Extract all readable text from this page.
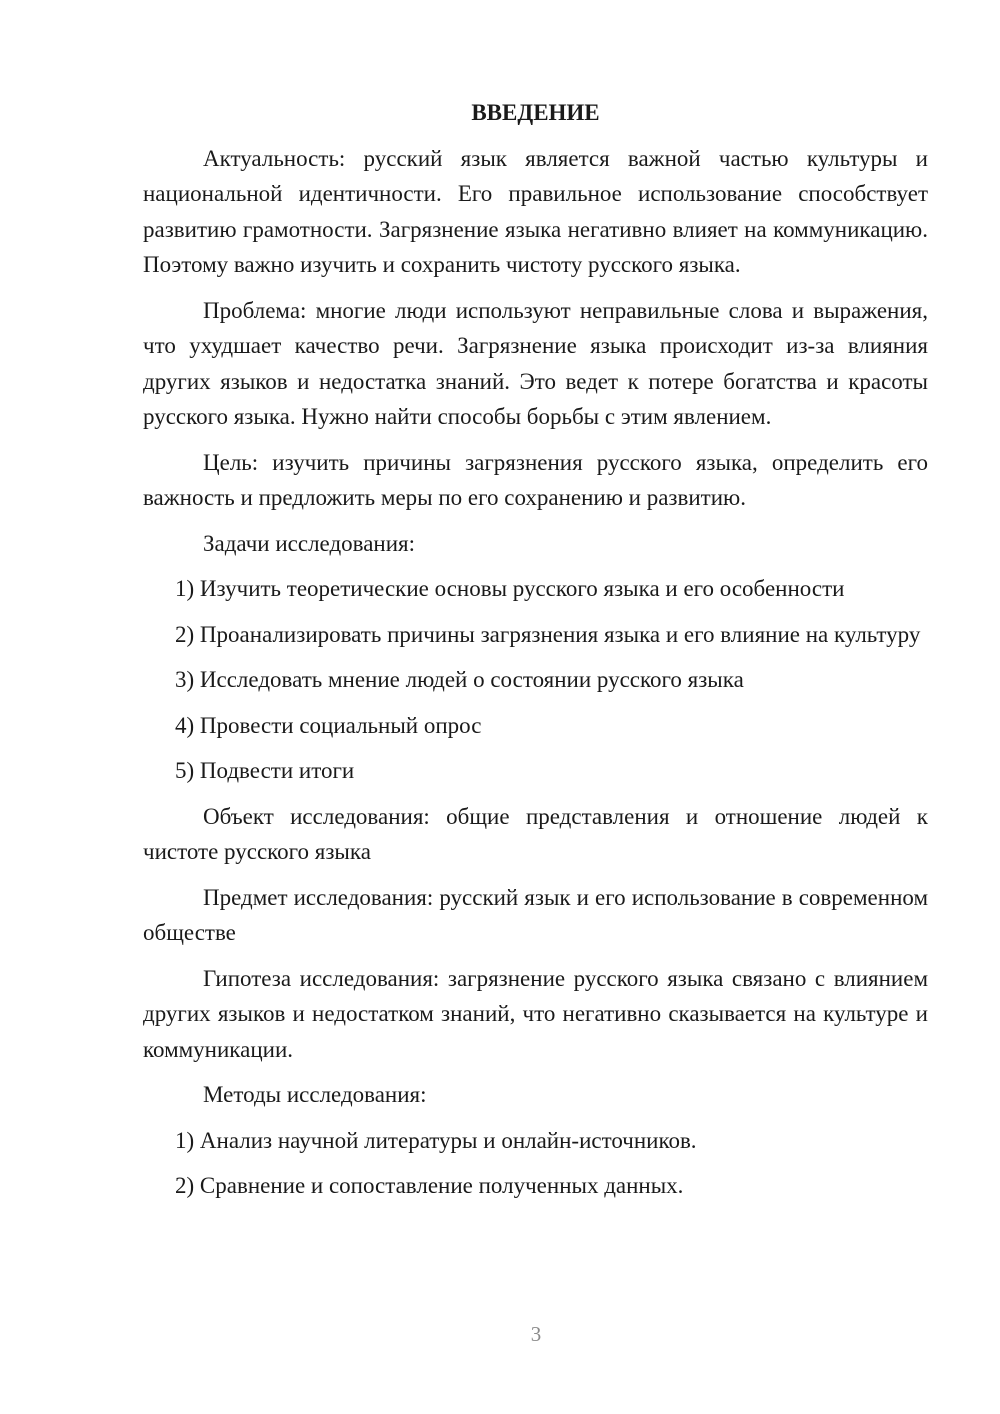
ВВЕДЕНИЕ

Актуальность: русский язык является важной частью культуры и национальной идентичности. Его правильное использование способствует развитию грамотности. Загрязнение языка негативно влияет на коммуникацию. Поэтому важно изучить и сохранить чистоту русского языка.

Проблема: многие люди используют неправильные слова и выражения, что ухудшает качество речи. Загрязнение языка происходит из-за влияния других языков и недостатка знаний. Это ведет к потере богатства и красоты русского языка. Нужно найти способы борьбы с этим явлением.

Цель: изучить причины загрязнения русского языка, определить его важность и предложить меры по его сохранению и развитию.

Задачи исследования:

1) Изучить теоретические основы русского языка и его особенности

2) Проанализировать причины загрязнения языка и его влияние на культуру

3) Исследовать мнение людей о состоянии русского языка

4) Провести социальный опрос

5) Подвести итоги

Объект исследования: общие представления и отношение людей к чистоте русского языка

Предмет исследования: русский язык и его использование в современном обществе

Гипотеза исследования: загрязнение русского языка связано с влиянием других языков и недостатком знаний, что негативно сказывается на культуре и коммуникации.

Методы исследования:

1) Анализ научной литературы и онлайн-источников.

2) Сравнение и сопоставление полученных данных.

3
